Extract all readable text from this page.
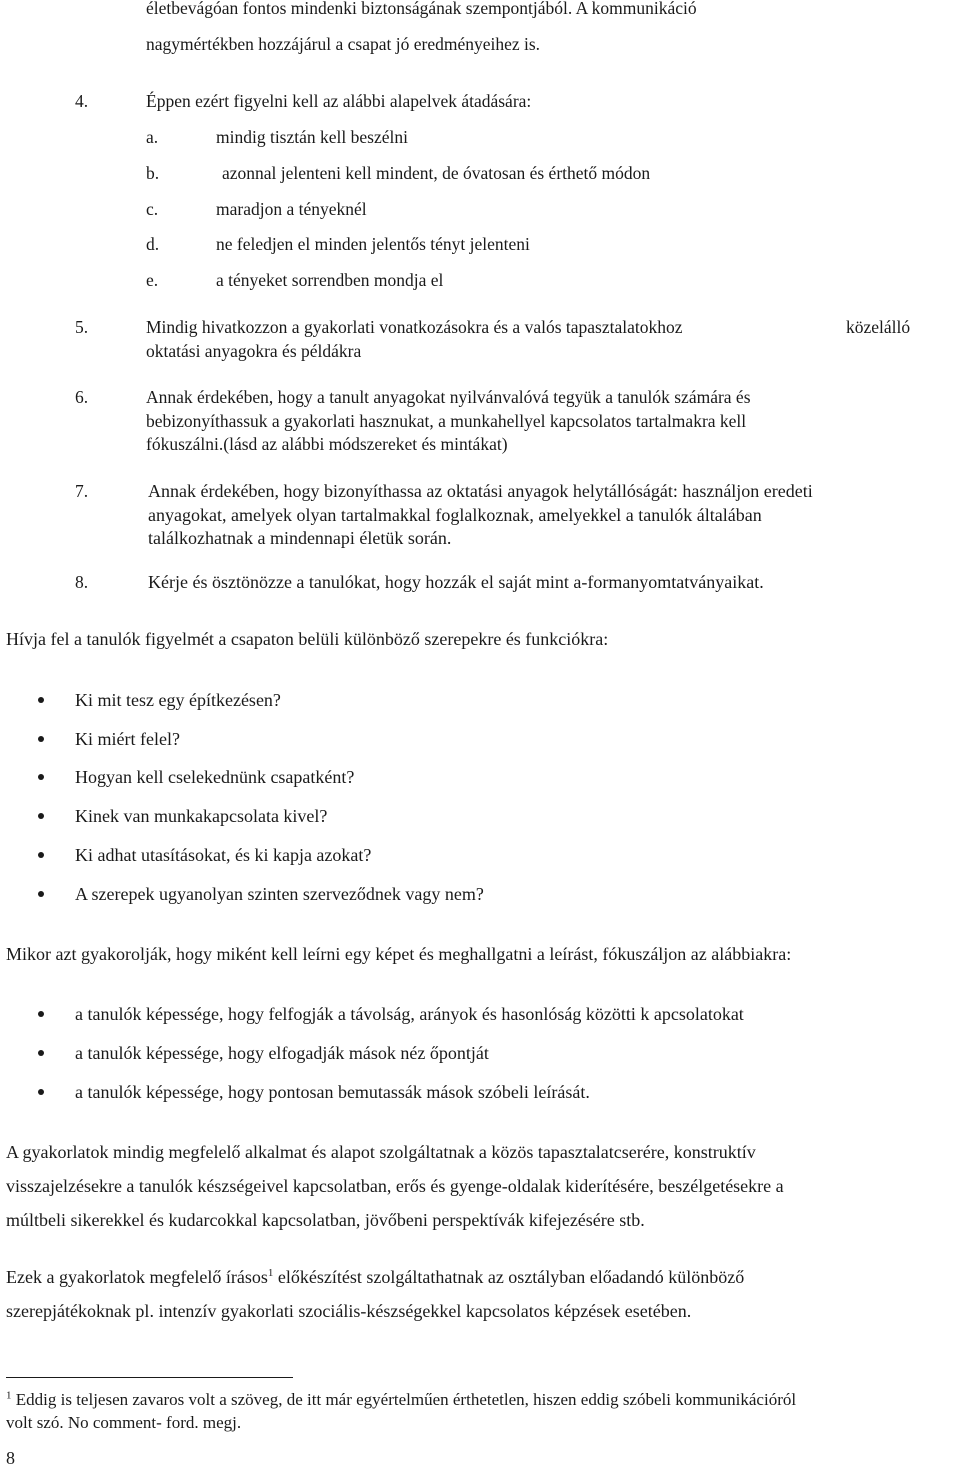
életbevágóan fontos mindenki biztonságának szempontjából. A kommunikáció
nagymértékben hozzájárul a csapat jó eredményeihez is.
4.	Éppen ezért figyelni kell az alábbi alapelvek átadására:
a.	mindig tisztán kell beszélni
b.	azonnal jelenteni kell mindent, de óvatosan és érthető módon
c.	maradjon a tényeknél
d.	ne feledjen el minden jelentős tényt jelenteni
e.	a tényeket sorrendben mondja el
5.	Mindig hivatkozzon a gyakorlati vonatkozásokra és a valós tapasztalatokhoz	közelálló
oktatási anyagokra és példákra
6.	Annak érdekében, hogy a tanult anyagokat nyilvánvalóvá tegyük a tanulók számára és
bebizonyíthassuk a gyakorlati hasznukat, a munkahellyel kapcsolatos tartalmakra kell
fókuszálni.(lásd az alábbi módszereket és mintákat)
7.	Annak érdekében, hogy bizonyíthassa az oktatási anyagok helytállóságát: használjon eredeti
anyagokat, amelyek olyan tartalmakkal foglalkoznak, amelyekkel a tanulók általában
találkozhatnak a mindennapi életük során.
8.	Kérje és ösztönözze a tanulókat, hogy hozzák el saját mint a-formanyomtatványaikat.
Hívja fel a tanulók figyelmét a csapaton belüli különböző szerepekre és funkciókra:
Ki mit tesz egy építkezésen?
Ki miért felel?
Hogyan kell cselekednünk csapatként?
Kinek van munkakapcsolata kivel?
Ki adhat utasításokat, és ki kapja azokat?
A szerepek ugyanolyan szinten szerveződnek vagy nem?
Mikor azt gyakorolják, hogy miként kell leírni egy képet és meghallgatni a leírást, fókuszáljon az alábbiakra:
a tanulók képessége, hogy felfogják a távolság, arányok és hasonlóság közötti k apcsolatokat
a tanulók képessége, hogy elfogadják mások néz őpontját
a tanulók képessége, hogy pontosan bemutassák mások szóbeli leírását.
A gyakorlatok mindig megfelelő alkalmat és alapot szolgáltatnak a közös tapasztalatcserére, konstruktív
visszajelzésekre a tanulók készségeivel kapcsolatban, erős és gyenge-oldalak kiderítésére, beszélgetésekre a
múltbeli sikerekkel és kudarcokkal kapcsolatban, jövőbeni perspektívák kifejezésére stb.
Ezek a gyakorlatok megfelelő írásos$^1$ előkészítést szolgáltathatnak az osztályban előadandó különböző
szerepjátékoknak pl. intenzív gyakorlati szociális-készségekkel kapcsolatos képzések esetében.
$^1$ Eddig is teljesen zavaros volt a szöveg, de itt már egyértelműen érthetetlen, hiszen eddig szóbeli kommunikációról
volt szó. No comment- ford. megj.
8
